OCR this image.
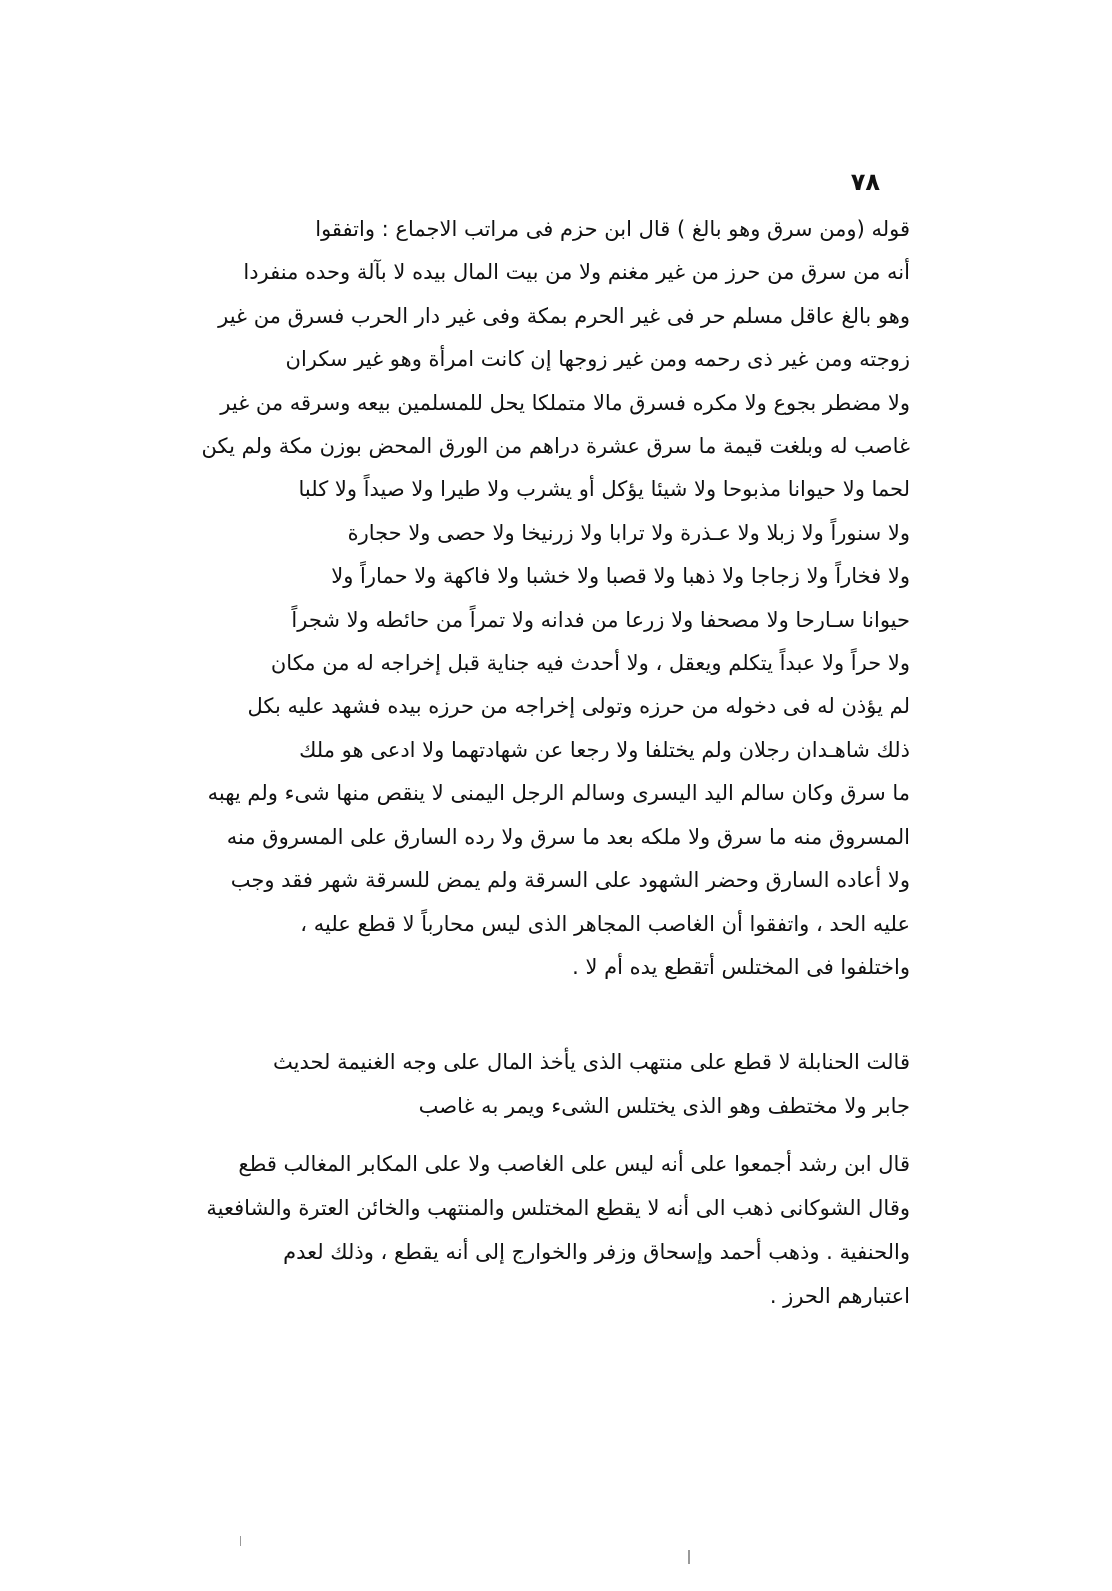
٧٨
قوله (ومن سرق وهو بالغ ) قال ابن حزم فى مراتب الاجماع : واتفقوا
أنه من سرق من حرز من غير مغنم ولا من بيت المال بيده لا بآلة وحده منفردا
وهو بالغ عاقل مسلم حر فى غير الحرم بمكة وفى غير دار الحرب فسرق من غير
زوجته ومن غير ذى رحمه ومن غير زوجها إن كانت امرأة وهو غير سكران
ولا مضطر بجوع ولا مكره فسرق مالا متملكا يحل للمسلمين بيعه وسرقه من غير
غاصب له وبلغت قيمة ما سرق عشرة دراهم من الورق المحض بوزن مكة ولم يكن
لحما ولا حيوانا مذبوحا ولا شيئا يؤكل أو يشرب ولا طيرا ولا صيداً ولا كلبا
ولا سنوراً ولا زبلا ولا عـذرة ولا ترابا ولا زرنيخا ولا حصى ولا حجارة
ولا فخاراً ولا زجاجا ولا ذهبا ولا قصبا ولا خشبا ولا فاكهة ولا حماراً ولا
حيوانا سـارحا ولا مصحفا ولا زرعا من فدانه ولا تمراً من حائطه ولا شجراً
ولا حراً ولا عبداً يتكلم ويعقل ، ولا أحدث فيه جناية قبل إخراجه له من مكان
لم يؤذن له فى دخوله من حرزه وتولى إخراجه من حرزه بيده فشهد عليه بكل
ذلك شاهـدان رجلان ولم يختلفا ولا رجعا عن شهادتهما ولا ادعى هو ملك
ما سرق وكان سالم اليد اليسرى وسالم الرجل اليمنى لا ينقص منها شىء ولم يهبه
المسروق منه ما سرق ولا ملكه بعد ما سرق ولا رده السارق على المسروق منه
ولا أعاده السارق وحضر الشهود على السرقة ولم يمض للسرقة شهر فقد وجب
عليه الحد ، واتفقوا أن الغاصب المجاهر الذى ليس محارباً لا قطع عليه ،
واختلفوا فى المختلس أتقطع يده أم لا .
قالت الحنابلة لا قطع على منتهب الذى يأخذ المال على وجه الغنيمة لحديث
جابر ولا مختطف وهو الذى يختلس الشىء ويمر به غاصب
قال ابن رشد أجمعوا على أنه ليس على الغاصب ولا على المكابر المغالب قطع
وقال الشوكانى ذهب الى أنه لا يقطع المختلس والمنتهب والخائن العترة والشافعية
والحنفية . وذهب أحمد وإسحاق وزفر والخوارج إلى أنه يقطع ، وذلك لعدم
اعتبارهم الحرز .
